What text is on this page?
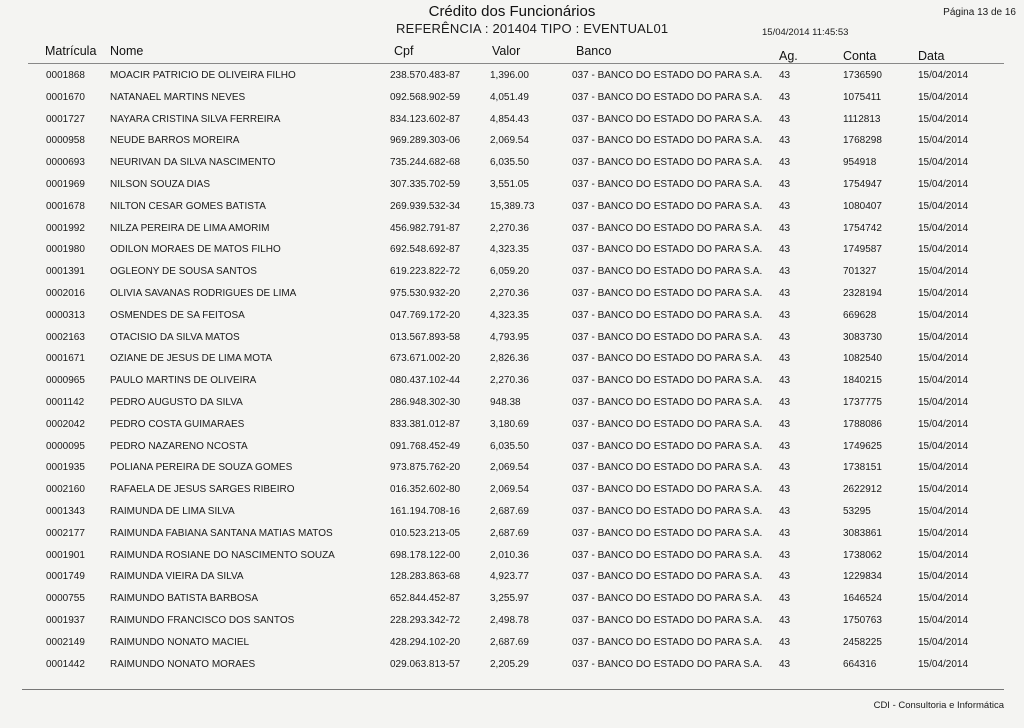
Crédito dos Funcionários	Página 13 de 16
REFERÊNCIA : 201404 TIPO : EVENTUAL01	15/04/2014 11:45:53
Matrícula Nome	Cpf	Valor	Banco	Ag.	Conta	Data
0001868	MOACIR PATRICIO DE OLIVEIRA FILHO	238.570.483-87	1,396.00	037 - BANCO DO ESTADO DO PARA S.A. 43	1736590	15/04/2014
0001670	NATANAEL MARTINS NEVES	092.568.902-59	4,051.49	037 - BANCO DO ESTADO DO PARA S.A. 43	1075411	15/04/2014
0001727	NAYARA CRISTINA SILVA FERREIRA	834.123.602-87	4,854.43	037 - BANCO DO ESTADO DO PARA S.A. 43	1112813	15/04/2014
0000958	NEUDE BARROS MOREIRA	969.289.303-06	2,069.54	037 - BANCO DO ESTADO DO PARA S.A. 43	1768298	15/04/2014
0000693	NEURIVAN DA SILVA NASCIMENTO	735.244.682-68	6,035.50	037 - BANCO DO ESTADO DO PARA S.A. 43	954918	15/04/2014
0001969	NILSON SOUZA DIAS	307.335.702-59	3,551.05	037 - BANCO DO ESTADO DO PARA S.A. 43	1754947	15/04/2014
0001678	NILTON CESAR GOMES BATISTA	269.939.532-34	15,389.73	037 - BANCO DO ESTADO DO PARA S.A. 43	1080407	15/04/2014
0001992	NILZA PEREIRA DE LIMA AMORIM	456.982.791-87	2,270.36	037 - BANCO DO ESTADO DO PARA S.A. 43	1754742	15/04/2014
0001980	ODILON MORAES DE MATOS FILHO	692.548.692-87	4,323.35	037 - BANCO DO ESTADO DO PARA S.A. 43	1749587	15/04/2014
0001391	OGLEONY DE SOUSA SANTOS	619.223.822-72	6,059.20	037 - BANCO DO ESTADO DO PARA S.A. 43	701327	15/04/2014
0002016	OLIVIA SAVANAS RODRIGUES DE LIMA	975.530.932-20	2,270.36	037 - BANCO DO ESTADO DO PARA S.A. 43	2328194	15/04/2014
0000313	OSMENDES DE SA FEITOSA	047.769.172-20	4,323.35	037 - BANCO DO ESTADO DO PARA S.A. 43	669628	15/04/2014
0002163	OTACISIO DA SILVA MATOS	013.567.893-58	4,793.95	037 - BANCO DO ESTADO DO PARA S.A. 43	3083730	15/04/2014
0001671	OZIANE DE JESUS DE LIMA MOTA	673.671.002-20	2,826.36	037 - BANCO DO ESTADO DO PARA S.A. 43	1082540	15/04/2014
0000965	PAULO MARTINS DE OLIVEIRA	080.437.102-44	2,270.36	037 - BANCO DO ESTADO DO PARA S.A. 43	1840215	15/04/2014
0001142	PEDRO AUGUSTO DA SILVA	286.948.302-30	948.38	037 - BANCO DO ESTADO DO PARA S.A. 43	1737775	15/04/2014
0002042	PEDRO COSTA GUIMARAES	833.381.012-87	3,180.69	037 - BANCO DO ESTADO DO PARA S.A. 43	1788086	15/04/2014
0000095	PEDRO NAZARENO NCOSTA	091.768.452-49	6,035.50	037 - BANCO DO ESTADO DO PARA S.A. 43	1749625	15/04/2014
0001935	POLIANA PEREIRA DE SOUZA GOMES	973.875.762-20	2,069.54	037 - BANCO DO ESTADO DO PARA S.A. 43	1738151	15/04/2014
0002160	RAFAELA DE JESUS SARGES RIBEIRO	016.352.602-80	2,069.54	037 - BANCO DO ESTADO DO PARA S.A. 43	2622912	15/04/2014
0001343	RAIMUNDA DE LIMA SILVA	161.194.708-16	2,687.69	037 - BANCO DO ESTADO DO PARA S.A. 43	53295	15/04/2014
0002177	RAIMUNDA FABIANA SANTANA MATIAS MATOS	010.523.213-05	2,687.69	037 - BANCO DO ESTADO DO PARA S.A. 43	3083861	15/04/2014
0001901	RAIMUNDA ROSIANE DO NASCIMENTO SOUZA	698.178.122-00	2,010.36	037 - BANCO DO ESTADO DO PARA S.A. 43	1738062	15/04/2014
0001749	RAIMUNDA VIEIRA DA SILVA	128.283.863-68	4,923.77	037 - BANCO DO ESTADO DO PARA S.A. 43	1229834	15/04/2014
0000755	RAIMUNDO BATISTA BARBOSA	652.844.452-87	3,255.97	037 - BANCO DO ESTADO DO PARA S.A. 43	1646524	15/04/2014
0001937	RAIMUNDO FRANCISCO DOS SANTOS	228.293.342-72	2,498.78	037 - BANCO DO ESTADO DO PARA S.A. 43	1750763	15/04/2014
0002149	RAIMUNDO NONATO MACIEL	428.294.102-20	2,687.69	037 - BANCO DO ESTADO DO PARA S.A. 43	2458225	15/04/2014
0001442	RAIMUNDO NONATO MORAES	029.063.813-57	2,205.29	037 - BANCO DO ESTADO DO PARA S.A. 43	664316	15/04/2014
CDI - Consultoria e Informática
